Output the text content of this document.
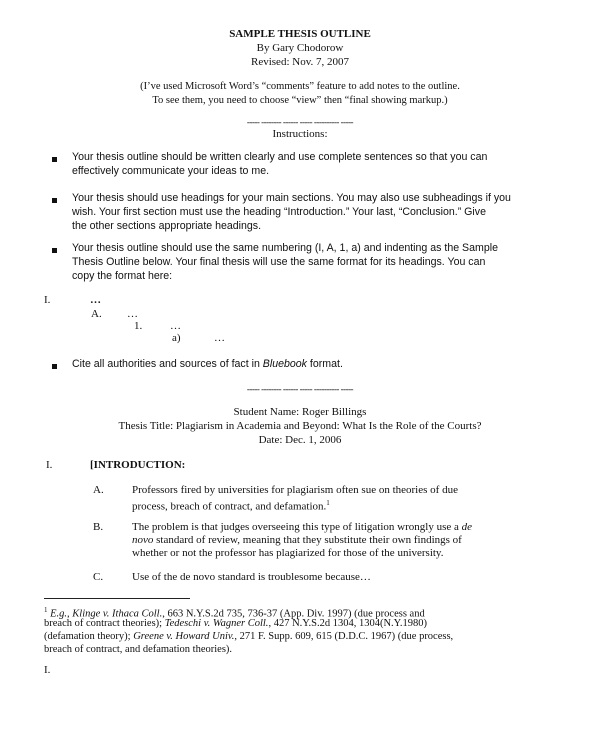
SAMPLE THESIS OUTLINE
By Gary Chodorow
Revised: Nov. 7, 2007
(I’ve used Microsoft Word’s “comments” feature to add notes to the outline.
To see them, you need to choose “view” then “final showing markup.)
----- -------- ------ ----- ---------- -----
Instructions:
Your thesis outline should be written clearly and use complete sentences so that you can
effectively communicate your ideas to me.
Your thesis should use headings for your main sections. You may also use subheadings if you
wish. Your first section must use the heading “Introduction.” Your last, “Conclusion.” Give
the other sections appropriate headings.
Your thesis outline should use the same numbering (I, A, 1, a) and indenting as the Sample
Thesis Outline below. Your final thesis will use the same format for its headings. You can
copy the format here:
I.	…
A. …
1.	…
a)	…
Cite all authorities and sources of fact in Bluebook format.
----- -------- ------ ----- ---------- -----
Student Name: Roger Billings
Thesis Title: Plagiarism in Academia and Beyond: What Is the Role of the Courts?
Date: Dec. 1, 2006
I.	[INTRODUCTION:
A.	Professors fired by universities for plagiarism often sue on theories of due
process, breach of contract, and defamation.$^1$
B.	The problem is that judges overseeing this type of litigation wrongly use a de
novo standard of review, meaning that they substitute their own findings of
whether or not the professor has plagiarized for those of the university.
C.	Use of the de novo standard is troublesome because…
$^1$ E.g., Klinge v. Ithaca Coll., 663 N.Y.S.2d 735, 736-37 (App. Div. 1997) (due process and
breach of contract theories); Tedeschi v. Wagner Coll., 427 N.Y.S.2d 1304, 1304(N.Y.1980)
(defamation theory); Greene v. Howard Univ., 271 F. Supp. 609, 615 (D.D.C. 1967) (due process,
breach of contract, and defamation theories).
I.
